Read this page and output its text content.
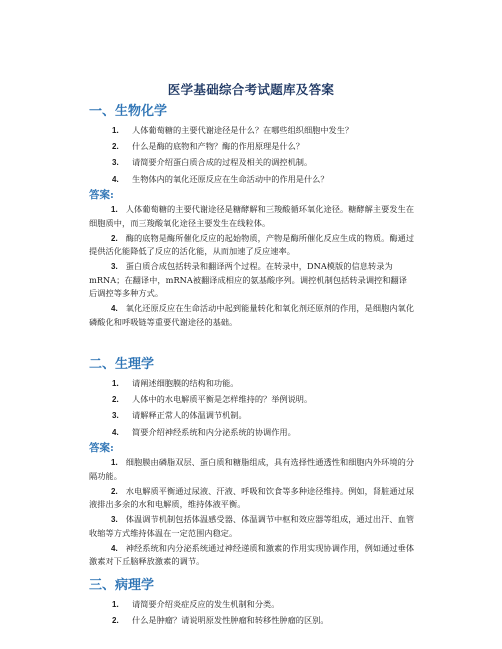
医学基础综合考试题库及答案
一、生物化学
1. 人体葡萄糖的主要代谢途径是什么？在哪些组织细胞中发生？
2. 什么是酶的底物和产物？酶的作用原理是什么？
3. 请简要介绍蛋白质合成的过程及相关的调控机制。
4. 生物体内的氧化还原反应在生命活动中的作用是什么？
答案:
1. 人体葡萄糖的主要代谢途径是糖酵解和三羧酸循环氧化途径。糖酵解主要发生在细胞质中，而三羧酸氧化途径主要发生在线粒体。
2. 酶的底物是酶所催化反应的起始物质，产物是酶所催化反应生成的物质。酶通过提供活化能降低了反应的活化能，从而加速了反应速率。
3. 蛋白质合成包括转录和翻译两个过程。在转录中，DNA模版的信息转录为mRNA；在翻译中，mRNA被翻译成相应的氨基酸序列。调控机制包括转录调控和翻译后调控等多种方式。
4. 氧化还原反应在生命活动中起到能量转化和氧化剂还原剂的作用，是细胞内氧化磷酸化和呼吸链等重要代谢途径的基础。
二、生理学
1. 请阐述细胞膜的结构和功能。
2. 人体中的水电解质平衡是怎样维持的？举例说明。
3. 请解释正常人的体温调节机制。
4. 简要介绍神经系统和内分泌系统的协调作用。
答案:
1. 细胞膜由磷脂双层、蛋白质和糖脂组成，具有选择性通透性和细胞内外环境的分隔功能。
2. 水电解质平衡通过尿液、汗液、呼吸和饮食等多种途径维持。例如，肾脏通过尿液排出多余的水和电解质，维持体液平衡。
3. 体温调节机制包括体温感受器、体温调节中枢和效应器等组成，通过出汗、血管收缩等方式维持体温在一定范围内稳定。
4. 神经系统和内分泌系统通过神经递质和激素的作用实现协调作用，例如通过垂体激素对下丘脑释放激素的调节。
三、病理学
1. 请简要介绍炎症反应的发生机制和分类。
2. 什么是肿瘤？请说明原发性肿瘤和转移性肿瘤的区别。
